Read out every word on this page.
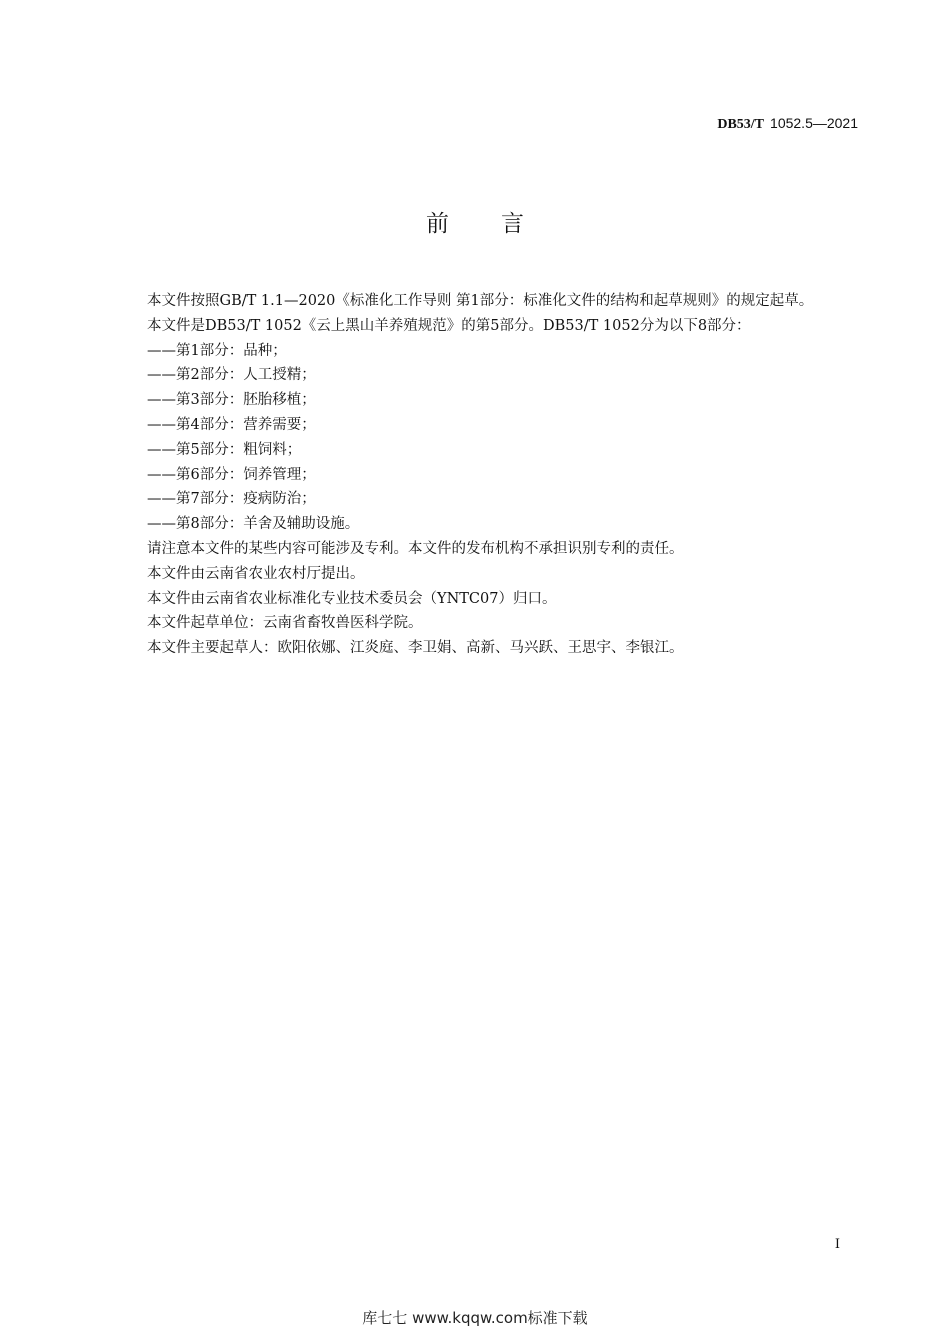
DB53/T 1052.5—2021
前言

本文件按照GB/T 1.1—2020《标准化工作导则 第1部分：标准化文件的结构和起草规则》的规定起草。

本文件是DB53/T 1052《云上黑山羊养殖规范》的第5部分。DB53/T 1052分为以下8部分：

——第1部分：品种；

——第2部分：人工授精；

——第3部分：胚胎移植；

——第4部分：营养需要；

——第5部分：粗饲料；

——第6部分：饲养管理；

——第7部分：疫病防治；

——第8部分：羊舍及辅助设施。

请注意本文件的某些内容可能涉及专利。本文件的发布机构不承担识别专利的责任。

本文件由云南省农业农村厅提出。

本文件由云南省农业标准化专业技术委员会（YNTC07）归口。

本文件起草单位：云南省畜牧兽医科学院。

本文件主要起草人：欧阳依娜、江炎庭、李卫娟、高新、马兴跃、王思宇、李银江。

I
库七七 www.kqqw.com标准下载
